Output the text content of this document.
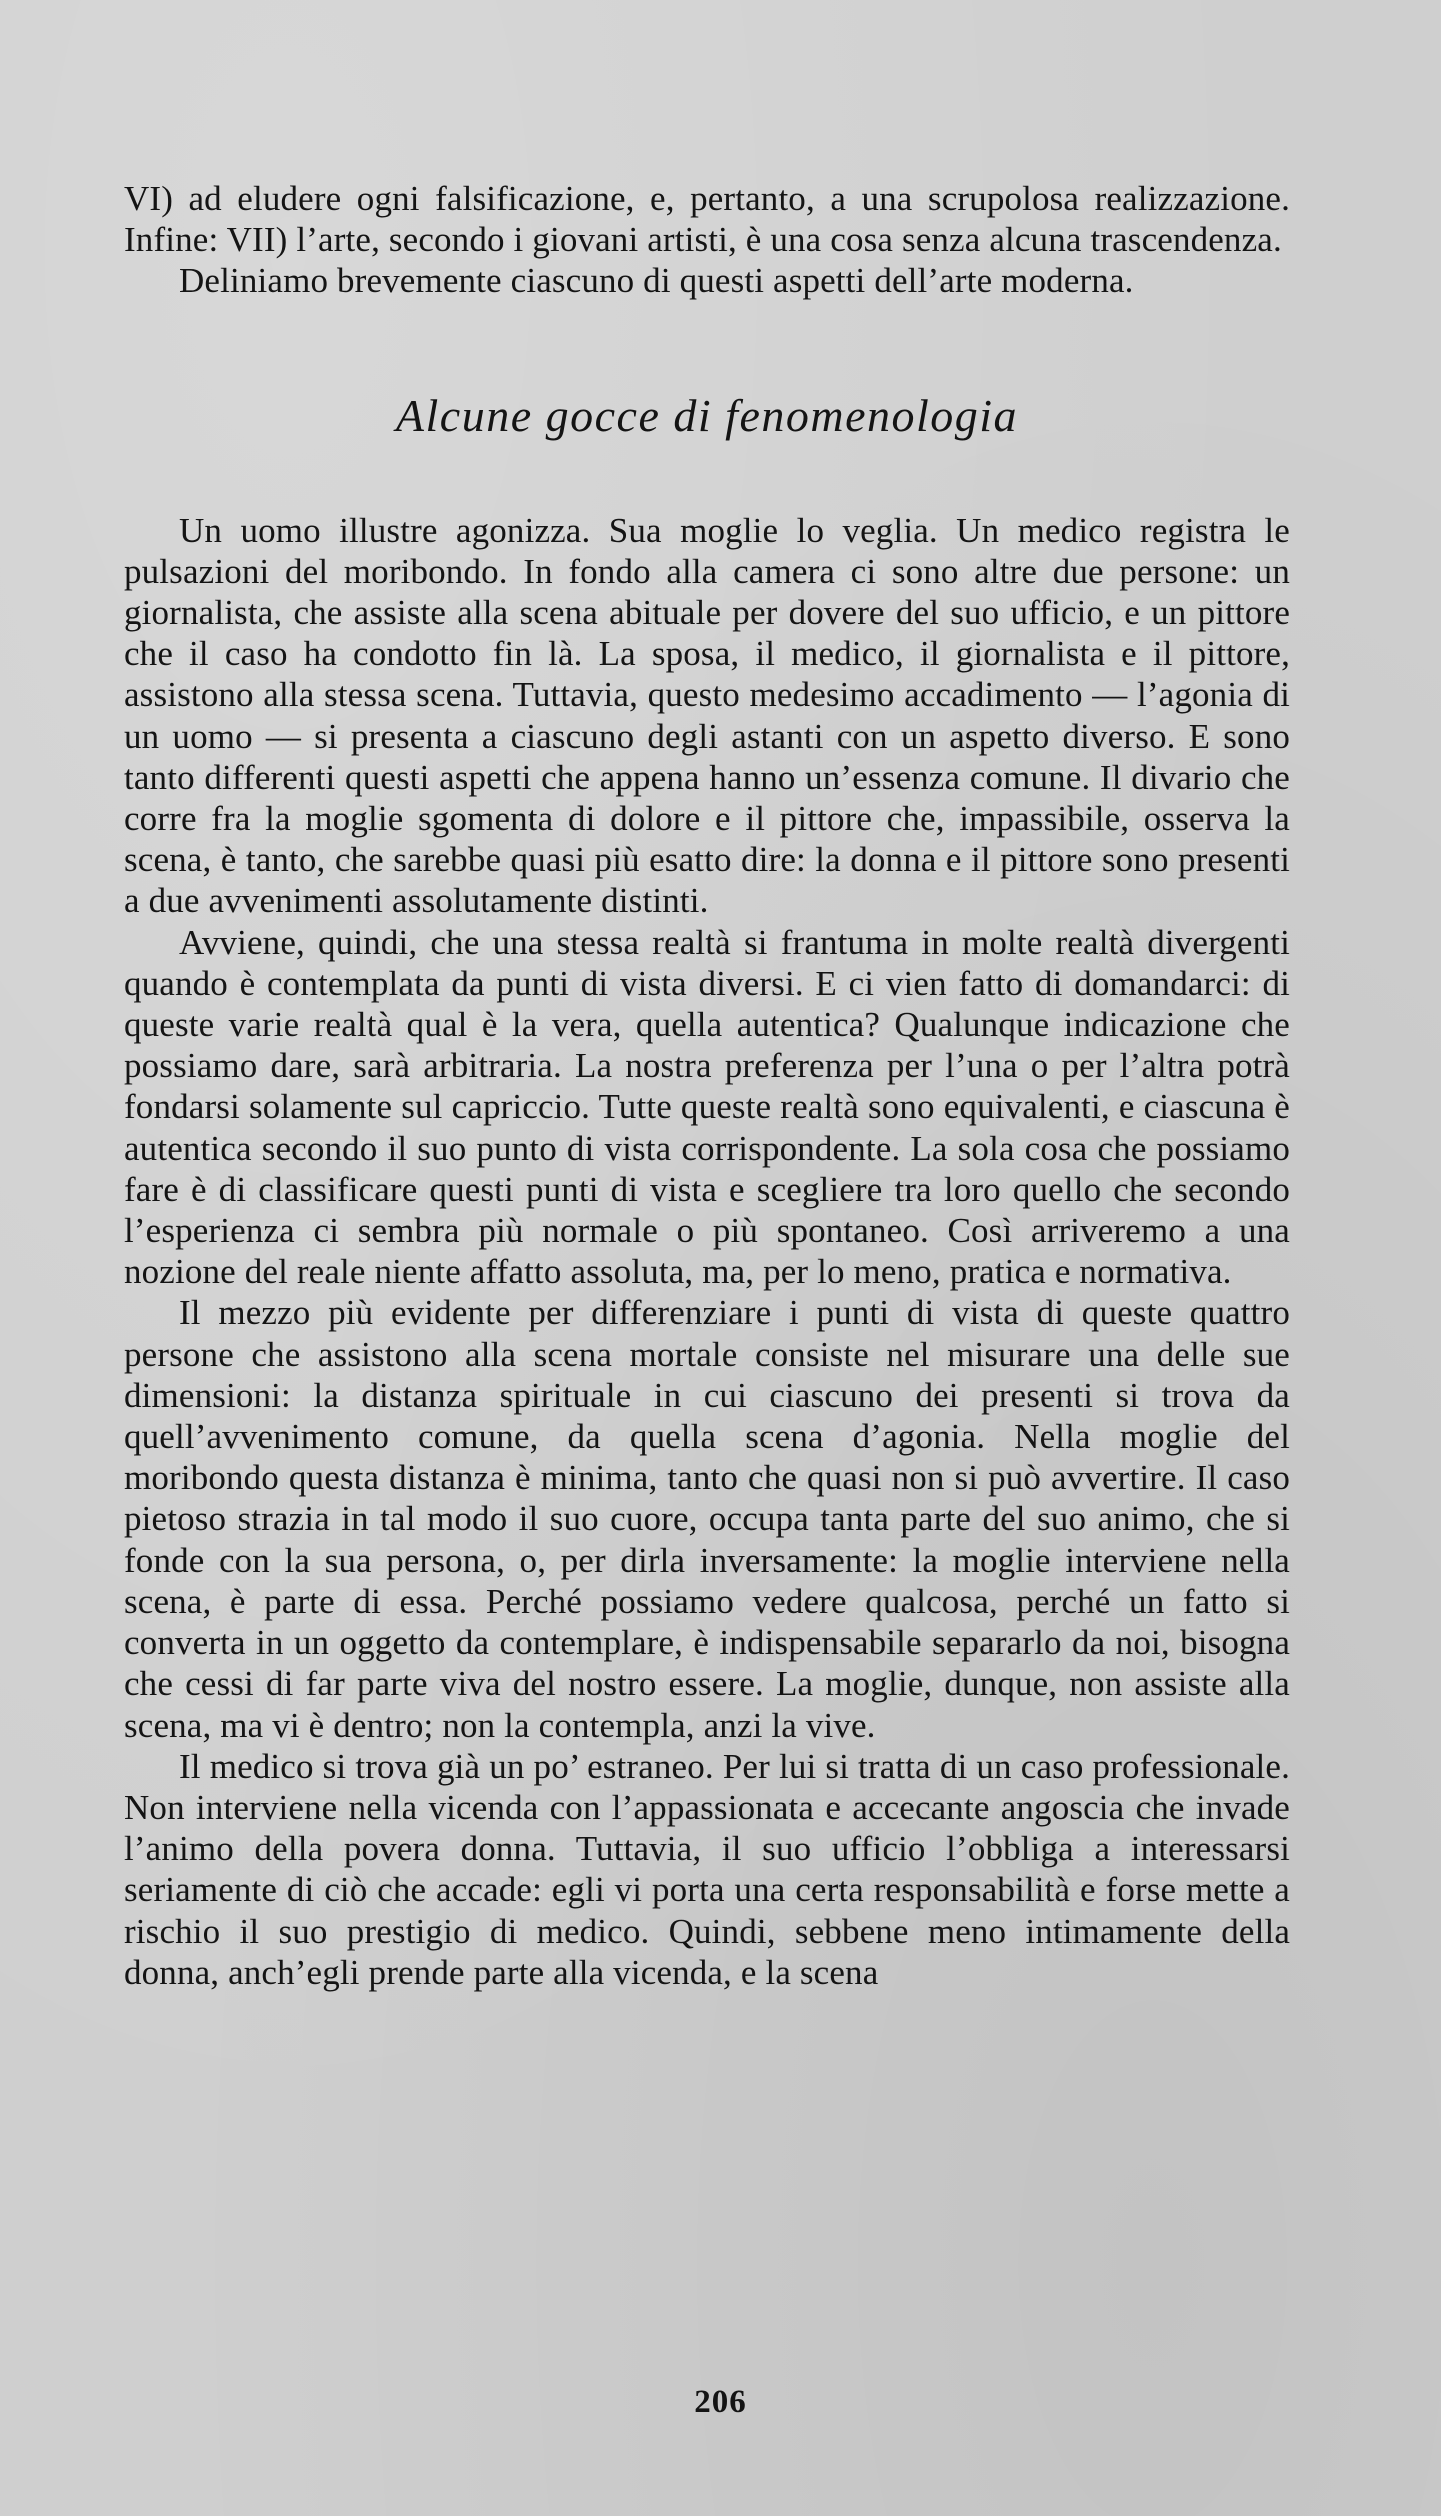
VI) ad eludere ogni falsificazione, e, pertanto, a una scrupolosa realizzazione. Infine: VII) l’arte, secondo i giovani artisti, è una cosa senza alcuna trascendenza.

Deliniamo brevemente ciascuno di questi aspetti dell’arte moderna.

Alcune gocce di fenomenologia

Un uomo illustre agonizza. Sua moglie lo veglia. Un medico registra le pulsazioni del moribondo. In fondo alla camera ci sono altre due persone: un giornalista, che assiste alla scena abituale per dovere del suo ufficio, e un pittore che il caso ha condotto fin là. La sposa, il medico, il giornalista e il pittore, assistono alla stessa scena. Tuttavia, questo medesimo accadimento — l’agonia di un uomo — si presenta a ciascuno degli astanti con un aspetto diverso. E sono tanto differenti questi aspetti che appena hanno un’essenza comune. Il divario che corre fra la moglie sgomenta di dolore e il pittore che, impassibile, osserva la scena, è tanto, che sarebbe quasi più esatto dire: la donna e il pittore sono presenti a due avvenimenti assolutamente distinti.

Avviene, quindi, che una stessa realtà si frantuma in molte realtà divergenti quando è contemplata da punti di vista diversi. E ci vien fatto di domandarci: di queste varie realtà qual è la vera, quella autentica? Qualunque indicazione che possiamo dare, sarà arbitraria. La nostra preferenza per l’una o per l’altra potrà fondarsi solamente sul capriccio. Tutte queste realtà sono equivalenti, e ciascuna è autentica secondo il suo punto di vista corrispondente. La sola cosa che possiamo fare è di classificare questi punti di vista e scegliere tra loro quello che secondo l’esperienza ci sembra più normale o più spontaneo. Così arriveremo a una nozione del reale niente affatto assoluta, ma, per lo meno, pratica e normativa.

Il mezzo più evidente per differenziare i punti di vista di queste quattro persone che assistono alla scena mortale consiste nel misurare una delle sue dimensioni: la distanza spirituale in cui ciascuno dei presenti si trova da quell’avvenimento comune, da quella scena d’agonia. Nella moglie del moribondo questa distanza è minima, tanto che quasi non si può avvertire. Il caso pietoso strazia in tal modo il suo cuore, occupa tanta parte del suo animo, che si fonde con la sua persona, o, per dirla inversamente: la moglie interviene nella scena, è parte di essa. Perché possiamo vedere qualcosa, perché un fatto si converta in un oggetto da contemplare, è indispensabile separarlo da noi, bisogna che cessi di far parte viva del nostro essere. La moglie, dunque, non assiste alla scena, ma vi è dentro; non la contempla, anzi la vive.

Il medico si trova già un po’ estraneo. Per lui si tratta di un caso professionale. Non interviene nella vicenda con l’appassionata e accecante angoscia che invade l’animo della povera donna. Tuttavia, il suo ufficio l’obbliga a interessarsi seriamente di ciò che accade: egli vi porta una certa responsabilità e forse mette a rischio il suo prestigio di medico. Quindi, sebbene meno intimamente della donna, anch’egli prende parte alla vicenda, e la scena

206
